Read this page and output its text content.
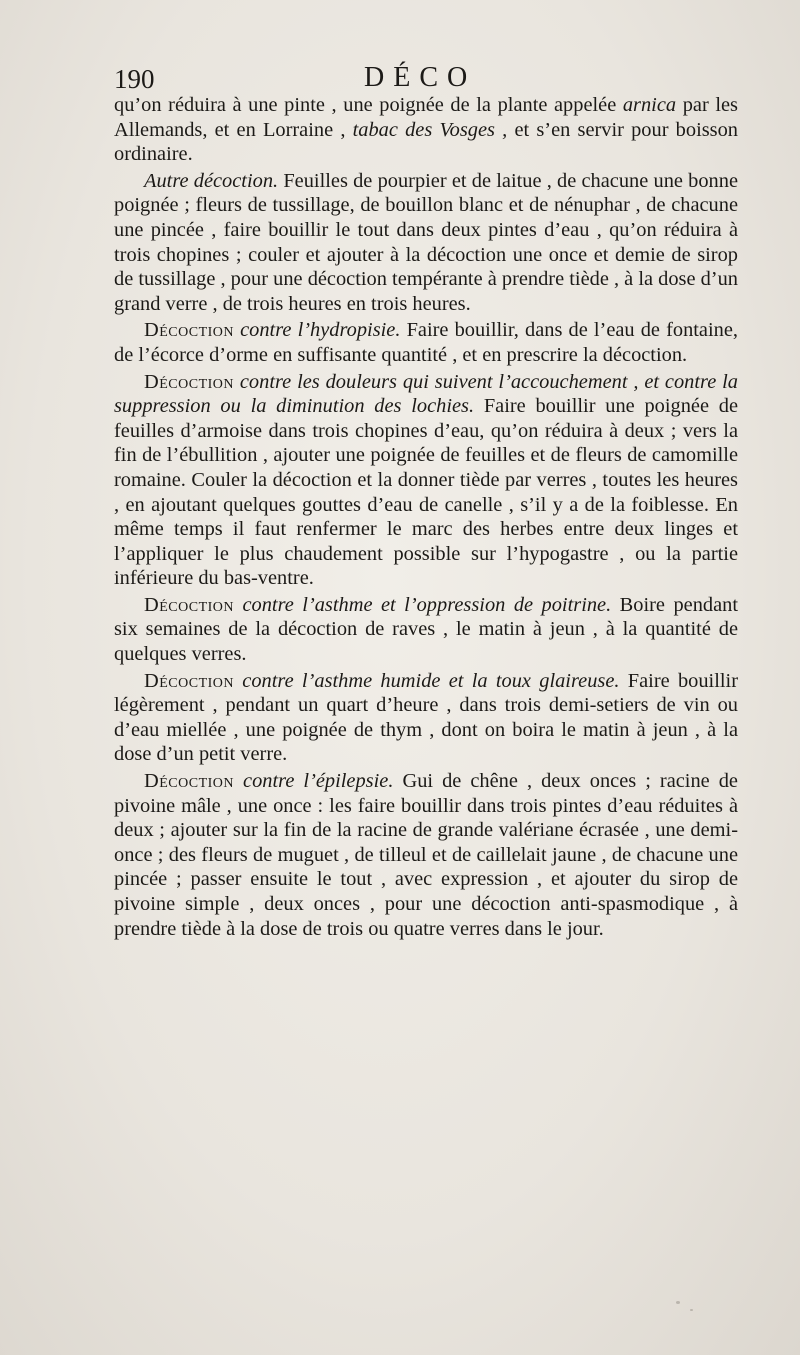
190	DÉCO

qu’on réduira à une pinte , une poignée de la plante appelée arnica par les Allemands, et en Lorraine , tabac des Vosges , et s’en servir pour boisson ordinaire.

Autre décoction. Feuilles de pourpier et de laitue , de chacune une bonne poignée ; fleurs de tussillage, de bouillon blanc et de nénuphar , de chacune une pincée , faire bouillir le tout dans deux pintes d’eau , qu’on réduira à trois chopines ; couler et ajouter à la décoction une once et demie de sirop de tussillage , pour une décoction tempérante à prendre tiède , à la dose d’un grand verre , de trois heures en trois heures.

Décoction contre l’hydropisie. Faire bouillir, dans de l’eau de fontaine, de l’écorce d’orme en suffisante quantité , et en prescrire la décoction.

Décoction contre les douleurs qui suivent l’accouchement , et contre la suppression ou la diminution des lochies. Faire bouillir une poignée de feuilles d’armoise dans trois chopines d’eau, qu’on réduira à deux ; vers la fin de l’ébullition , ajouter une poignée de feuilles et de fleurs de camomille romaine. Couler la décoction et la donner tiède par verres , toutes les heures , en ajoutant quelques gouttes d’eau de canelle , s’il y a de la foiblesse. En même temps il faut renfermer le marc des herbes entre deux linges et l’appliquer le plus chaudement possible sur l’hypogastre , ou la partie inférieure du bas-ventre.

Décoction contre l’asthme et l’oppression de poitrine. Boire pendant six semaines de la décoction de raves , le matin à jeun , à la quantité de quelques verres.

Décoction contre l’asthme humide et la toux glaireuse. Faire bouillir légèrement , pendant un quart d’heure , dans trois demi-setiers de vin ou d’eau miellée , une poignée de thym , dont on boira le matin à jeun , à la dose d’un petit verre.

Décoction contre l’épilepsie. Gui de chêne , deux onces ; racine de pivoine mâle , une once : les faire bouillir dans trois pintes d’eau réduites à deux ; ajouter sur la fin de la racine de grande valériane écrasée , une demi-once ; des fleurs de muguet , de tilleul et de caillelait jaune , de chacune une pincée ; passer ensuite le tout , avec expression , et ajouter du sirop de pivoine simple , deux onces , pour une décoction anti-spasmodique , à prendre tiède à la dose de trois ou quatre verres dans le jour.
